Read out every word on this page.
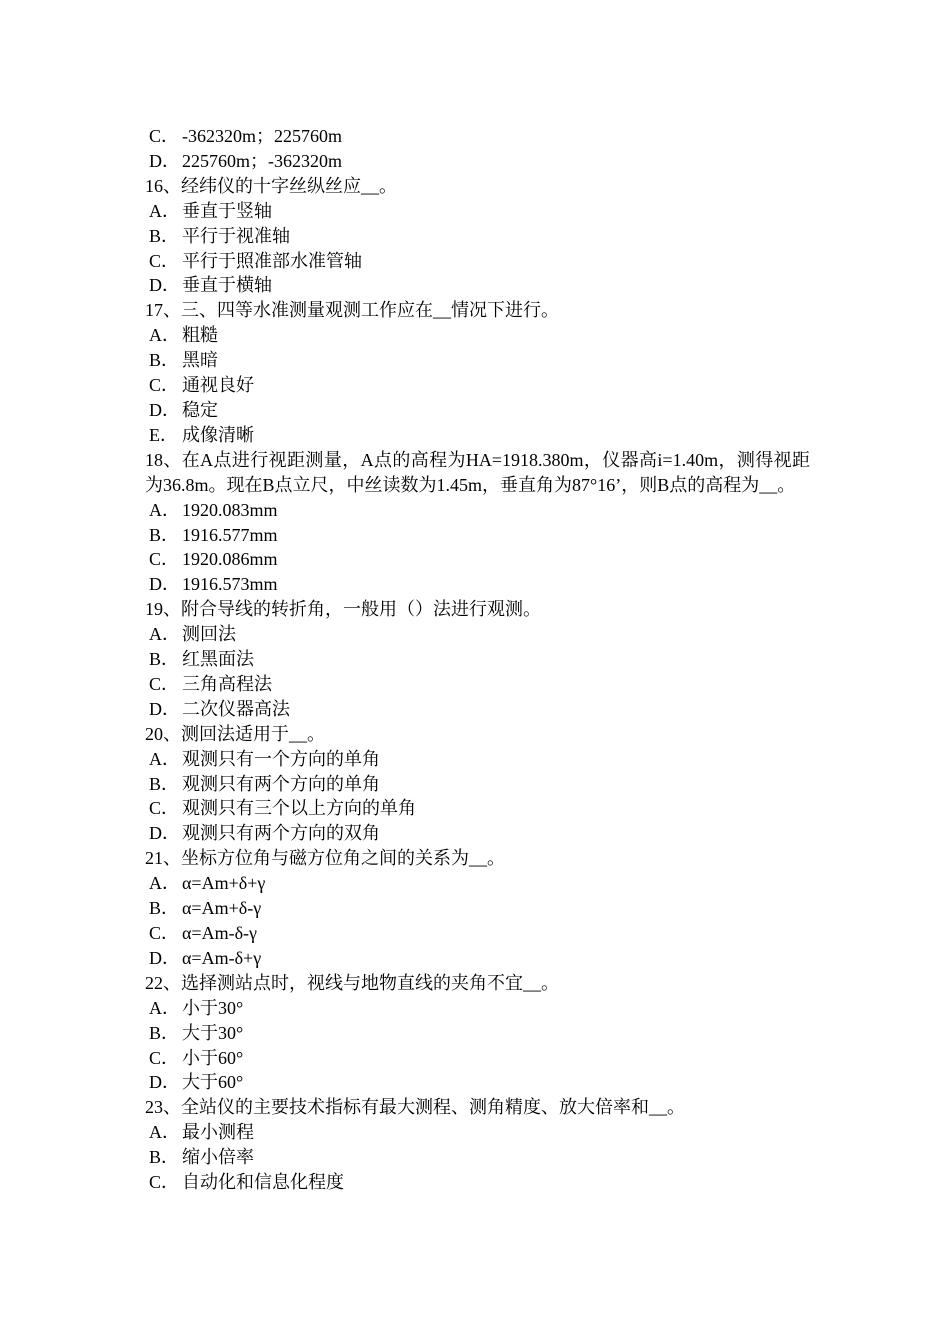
C． -362320m；225760m

D． 225760m；-362320m

16、经纬仪的十字丝纵丝应__。

A． 垂直于竖轴

B． 平行于视准轴

C． 平行于照准部水准管轴

D． 垂直于横轴

17、三、四等水准测量观测工作应在__情况下进行。

A． 粗糙

B． 黑暗

C． 通视良好

D． 稳定

E． 成像清晰

18、在A点进行视距测量，A点的高程为HA=1918.380m，仪器高i=1.40m，测得视距为36.8m。现在B点立尺，中丝读数为1.45m，垂直角为87°16’，则B点的高程为__。

A． 1920.083mm

B． 1916.577mm

C． 1920.086mm

D． 1916.573mm

19、附合导线的转折角，一般用（）法进行观测。

A． 测回法

B． 红黑面法

C． 三角高程法

D． 二次仪器高法

20、测回法适用于__。

A． 观测只有一个方向的单角

B． 观测只有两个方向的单角

C． 观测只有三个以上方向的单角

D． 观测只有两个方向的双角

21、坐标方位角与磁方位角之间的关系为__。

A． α=Am+δ+γ

B． α=Am+δ-γ

C． α=Am-δ-γ

D． α=Am-δ+γ

22、选择测站点时，视线与地物直线的夹角不宜__。

A． 小于30°

B． 大于30°

C． 小于60°

D． 大于60°

23、全站仪的主要技术指标有最大测程、测角精度、放大倍率和__。

A． 最小测程

B． 缩小倍率

C． 自动化和信息化程度
